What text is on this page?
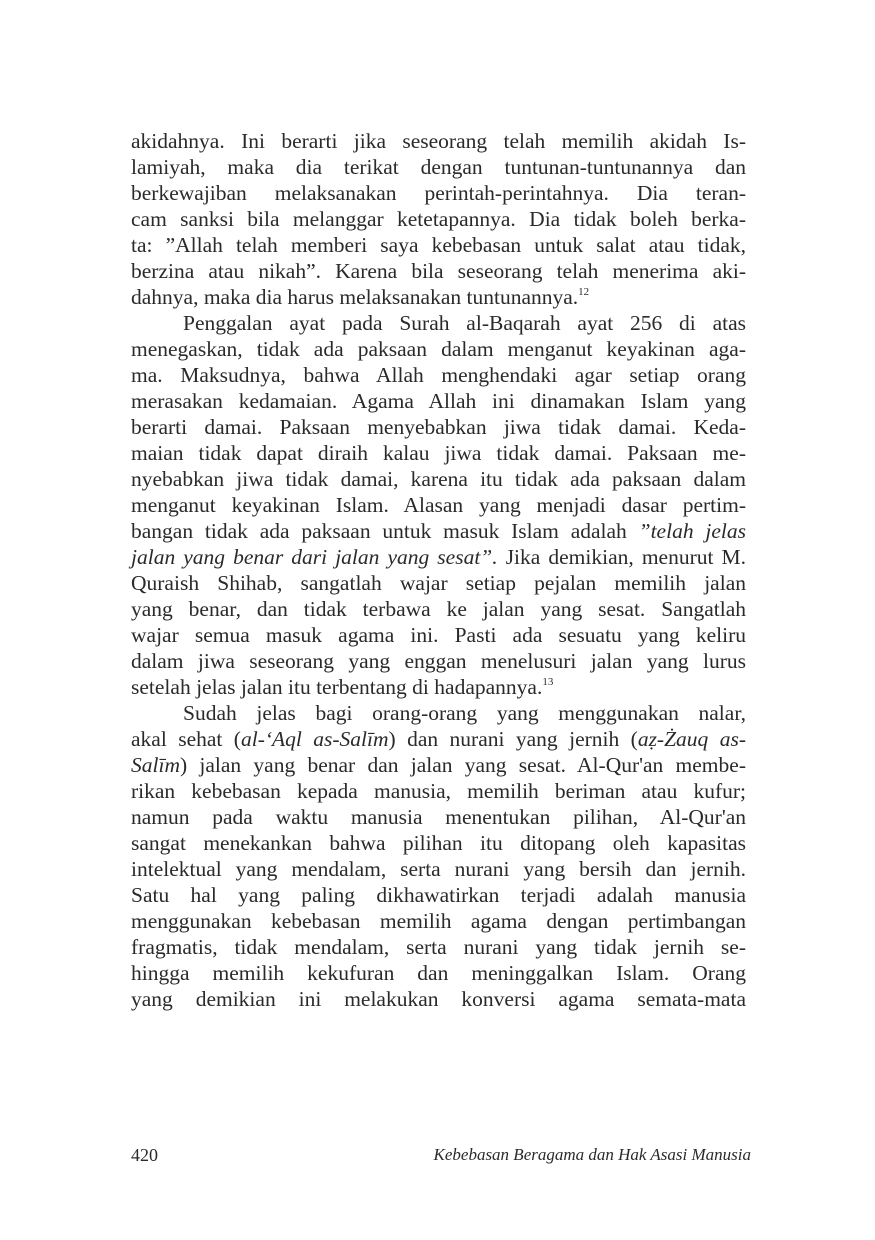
akidahnya. Ini berarti jika seseorang telah memilih akidah Is-
lamiyah, maka dia terikat dengan tuntunan-tuntunannya dan
berkewajiban melaksanakan perintah-perintahnya. Dia teran-
cam sanksi bila melanggar ketetapannya. Dia tidak boleh berka-
ta: ”Allah telah memberi saya kebebasan untuk salat atau tidak,
berzina atau nikah”. Karena bila seseorang telah menerima aki-
dahnya, maka dia harus melaksanakan tuntunannya.$^{12}$
Penggalan ayat pada Surah al-Baqarah ayat 256 di atas
menegaskan, tidak ada paksaan dalam menganut keyakinan aga-
ma. Maksudnya, bahwa Allah menghendaki agar setiap orang
merasakan kedamaian. Agama Allah ini dinamakan Islam yang
berarti damai. Paksaan menyebabkan jiwa tidak damai. Keda-
maian tidak dapat diraih kalau jiwa tidak damai. Paksaan me-
nyebabkan jiwa tidak damai, karena itu tidak ada paksaan dalam
menganut keyakinan Islam. Alasan yang menjadi dasar pertim-
bangan tidak ada paksaan untuk masuk Islam adalah ”telah jelas
jalan yang benar dari jalan yang sesat”. Jika demikian, menurut M.
Quraish Shihab, sangatlah wajar setiap pejalan memilih jalan
yang benar, dan tidak terbawa ke jalan yang sesat. Sangatlah
wajar semua masuk agama ini. Pasti ada sesuatu yang keliru
dalam jiwa seseorang yang enggan menelusuri jalan yang lurus
setelah jelas jalan itu terbentang di hadapannya.$^{13}$
Sudah jelas bagi orang-orang yang menggunakan nalar,
akal sehat (al-‘Aql as-Salīm) dan nurani yang jernih (aẓ-Żauq as-
Salīm) jalan yang benar dan jalan yang sesat. Al-Qur'an membe-
rikan kebebasan kepada manusia, memilih beriman atau kufur;
namun pada waktu manusia menentukan pilihan, Al-Qur'an
sangat menekankan bahwa pilihan itu ditopang oleh kapasitas
intelektual yang mendalam, serta nurani yang bersih dan jernih.
Satu hal yang paling dikhawatirkan terjadi adalah manusia
menggunakan kebebasan memilih agama dengan pertimbangan
fragmatis, tidak mendalam, serta nurani yang tidak jernih se-
hingga memilih kekufuran dan meninggalkan Islam. Orang
yang demikian ini melakukan konversi agama semata-mata
420	Kebebasan Beragama dan Hak Asasi Manusia
